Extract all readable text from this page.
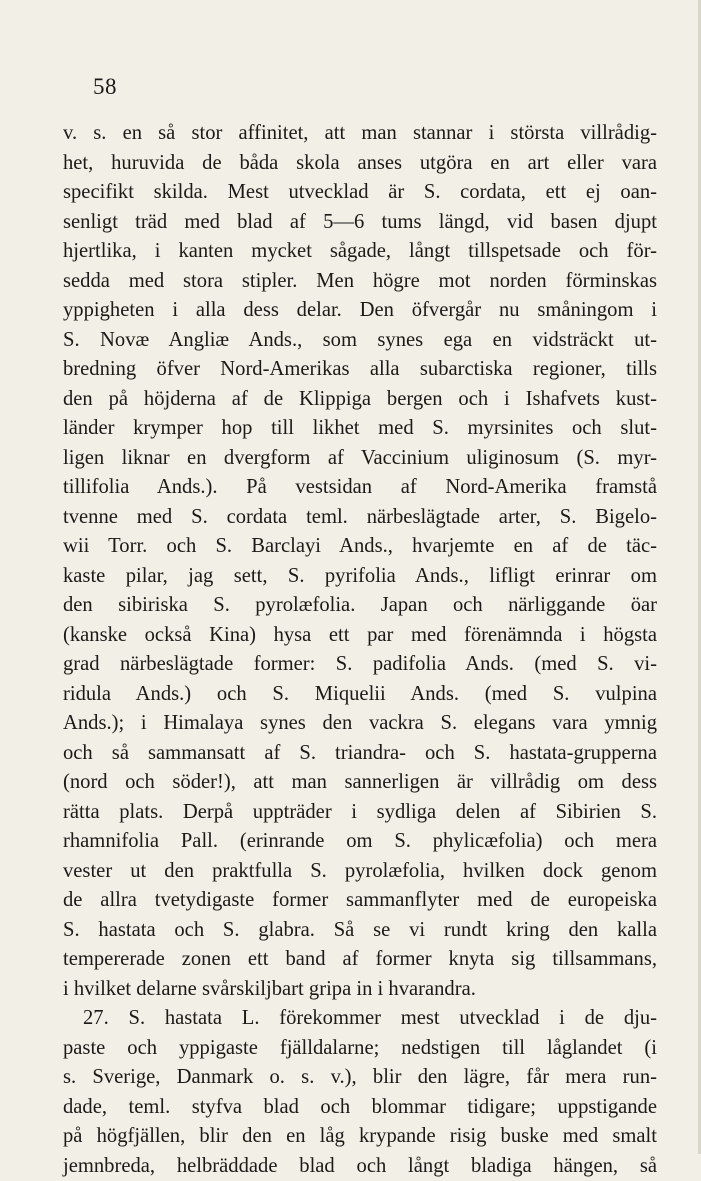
58
v. s. en så stor affinitet, att man stannar i största villrådig-
het, huruvida de båda skola anses utgöra en art eller vara
specifikt skilda. Mest utvecklad är S. cordata, ett ej oan-
senligt träd med blad af 5—6 tums längd, vid basen djupt
hjertlika, i kanten mycket sågade, långt tillspetsade och för-
sedda med stora stipler. Men högre mot norden förminskas
yppigheten i alla dess delar. Den öfvergår nu småningom i
S. Novæ Angliæ Ands., som synes ega en vidsträckt ut-
bredning öfver Nord-Amerikas alla subarctiska regioner, tills
den på höjderna af de Klippiga bergen och i Ishafvets kust-
länder krymper hop till likhet med S. myrsinites och slut-
ligen liknar en dvergform af Vaccinium uliginosum (S. myr-
tillifolia Ands.). På vestsidan af Nord-Amerika framstå
tvenne med S. cordata teml. närbeslägtade arter, S. Bigelo-
wii Torr. och S. Barclayi Ands., hvarjemte en af de täc-
kaste pilar, jag sett, S. pyrifolia Ands., lifligt erinrar om
den sibiriska S. pyrolæfolia. Japan och närliggande öar
(kanske också Kina) hysa ett par med förenämnda i högsta
grad närbeslägtade former: S. padifolia Ands. (med S. vi-
ridula Ands.) och S. Miquelii Ands. (med S. vulpina
Ands.); i Himalaya synes den vackra S. elegans vara ymnig
och så sammansatt af S. triandra- och S. hastata-grupperna
(nord och söder!), att man sannerligen är villrådig om dess
rätta plats. Derpå uppträder i sydliga delen af Sibirien S.
rhamnifolia Pall. (erinrande om S. phylicæfolia) och mera
vester ut den praktfulla S. pyrolæfolia, hvilken dock genom
de allra tvetydigaste former sammanflyter med de europeiska
S. hastata och S. glabra. Så se vi rundt kring den kalla
tempererade zonen ett band af former knyta sig tillsammans,
i hvilket delarne svårskiljbart gripa in i hvarandra.
27. S. hastata L. förekommer mest utvecklad i de dju-
paste och yppigaste fjälldalarne; nedstigen till låglandet (i
s. Sverige, Danmark o. s. v.), blir den lägre, får mera run-
dade, teml. styfva blad och blommar tidigare; uppstigande
på högfjällen, blir den en låg krypande risig buske med smalt
jemnbreda, helbräddade blad och långt bladiga hängen, så
